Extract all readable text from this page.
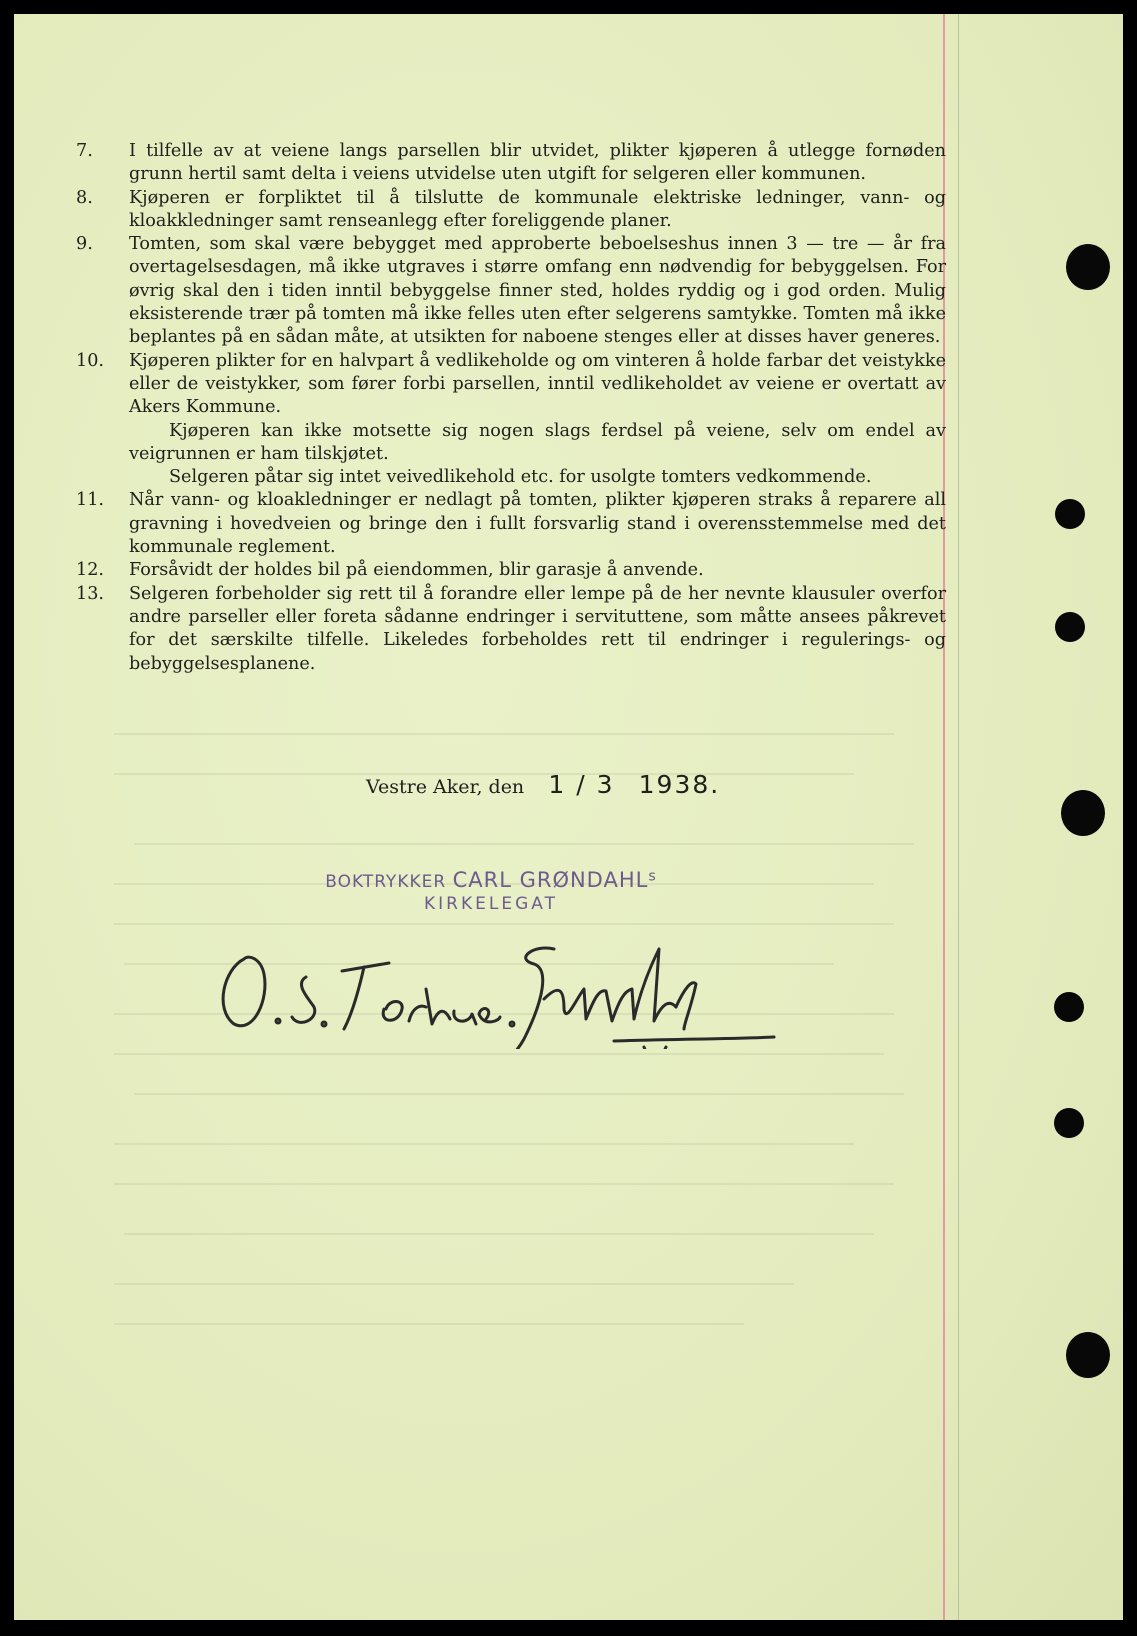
7.	I tilfelle av at veiene langs parsellen blir utvidet, plikter kjøperen å utlegge fornøden grunn hertil samt delta i veiens utvidelse uten utgift for selgeren eller kommunen.
8.	Kjøperen er forpliktet til å tilslutte de kommunale elektriske ledninger, vann- og kloakkledninger samt renseanlegg efter foreliggende planer.
9.	Tomten, som skal være bebygget med approberte beboelseshus innen 3 — tre — år fra overtagelsesdagen, må ikke utgraves i større omfang enn nødvendig for bebyggelsen. For øvrig skal den i tiden inntil bebyggelse finner sted, holdes ryddig og i god orden. Mulig eksisterende trær på tomten må ikke felles uten efter selgerens samtykke. Tomten må ikke beplantes på en sådan måte, at utsikten for naboene stenges eller at disses haver generes.
10.	Kjøperen plikter for en halvpart å vedlikeholde og om vinteren å holde farbar det veistykke eller de veistykker, som fører forbi parsellen, inntil vedlikeholdet av veiene er overtatt av Akers Kommune.
Kjøperen kan ikke motsette sig nogen slags ferdsel på veiene, selv om endel av veigrunnen er ham tilskjøtet.
Selgeren påtar sig intet veivedlikehold etc. for usolgte tomters vedkommende.
11.	Når vann- og kloakledninger er nedlagt på tomten, plikter kjøperen straks å reparere all gravning i hovedveien og bringe den i fullt forsvarlig stand i overensstemmelse med det kommunale reglement.
12.	Forsåvidt der holdes bil på eiendommen, blir garasje å anvende.
13.	Selgeren forbeholder sig rett til å forandre eller lempe på de her nevnte klausuler overfor andre parseller eller foreta sådanne endringer i servituttene, som måtte ansees påkrevet for det særskilte tilfelle. Likeledes forbeholdes rett til endringer i regulerings- og bebyggelsesplanene.
Vestre Aker, den 1 / 3 1938.
BOKTRYKKER CARL GRØNDAHL$^s$
KIRKELEGAT
